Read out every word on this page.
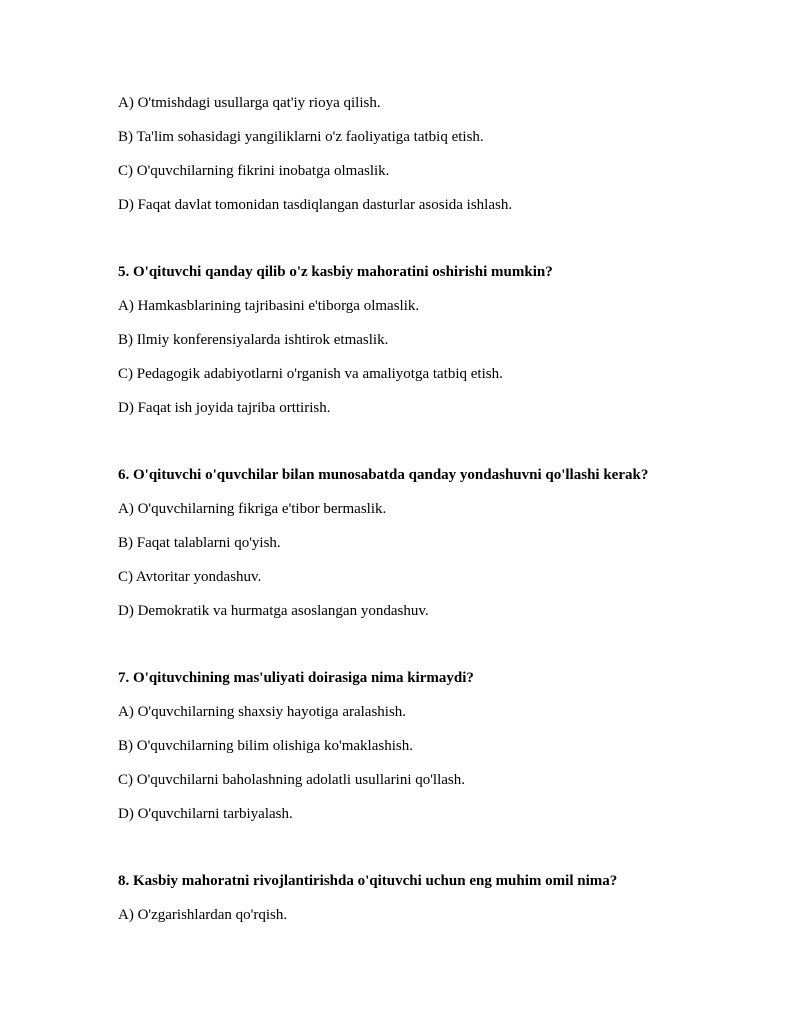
A) O'tmishdagi usullarga qat'iy rioya qilish.
B) Ta'lim sohasidagi yangiliklarni o'z faoliyatiga tatbiq etish.
C) O'quvchilarning fikrini inobatga olmaslik.
D) Faqat davlat tomonidan tasdiqlangan dasturlar asosida ishlash.
5. O'qituvchi qanday qilib o'z kasbiy mahoratini oshirishi mumkin?
A) Hamkasblarining tajribasini e'tiborga olmaslik.
B) Ilmiy konferensiyalarda ishtirok etmaslik.
C) Pedagogik adabiyotlarni o'rganish va amaliyotga tatbiq etish.
D) Faqat ish joyida tajriba orttirish.
6. O'qituvchi o'quvchilar bilan munosabatda qanday yondashuvni qo'llashi kerak?
A) O'quvchilarning fikriga e'tibor bermaslik.
B) Faqat talablarni qo'yish.
C) Avtoritar yondashuv.
D) Demokratik va hurmatga asoslangan yondashuv.
7. O'qituvchining mas'uliyati doirasiga nima kirmaydi?
A) O'quvchilarning shaxsiy hayotiga aralashish.
B) O'quvchilarning bilim olishiga ko'maklashish.
C) O'quvchilarni baholashning adolatli usullarini qo'llash.
D) O'quvchilarni tarbiyalash.
8. Kasbiy mahoratni rivojlantirishda o'qituvchi uchun eng muhim omil nima?
A) O'zgarishlardan qo'rqish.
